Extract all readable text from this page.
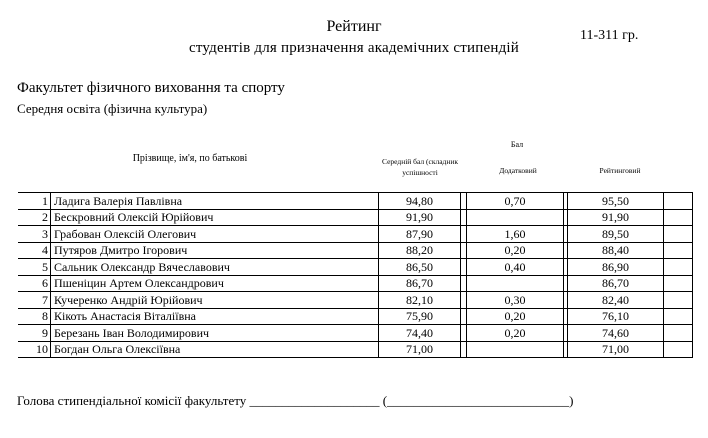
Рейтинг
студентів для призначення академічних стипендій
11-311 гр.
Факультет фізичного виховання та спорту
Середня освіта (фізична культура)
Прізвище, ім'я, по батькові
Бал
Середній бал (складник успішності	Додатковий	Рейтинговий
1	Ладига Валерія Павлівна	94,80		0,70		95,50	
2	Бескровний Олексій Юрійович	91,90				91,90	
3	Грабован Олексій Олегович	87,90		1,60		89,50	
4	Путяров Дмитро Ігорович	88,20		0,20		88,40	
5	Сальник Олександр Вячеславович	86,50		0,40		86,90	
6	Пшеніцин Артем Олександрович	86,70				86,70	
7	Кучеренко Андрій Юрійович	82,10		0,30		82,40	
8	Кікоть Анастасія Віталіївна	75,90		0,20		76,10	
9	Березань Іван Володимирович	74,40		0,20		74,60	
10	Богдан Ольга Олексіївна	71,00				71,00	
Голова стипендіальної комісії факультету ____________________ (____________________________)
